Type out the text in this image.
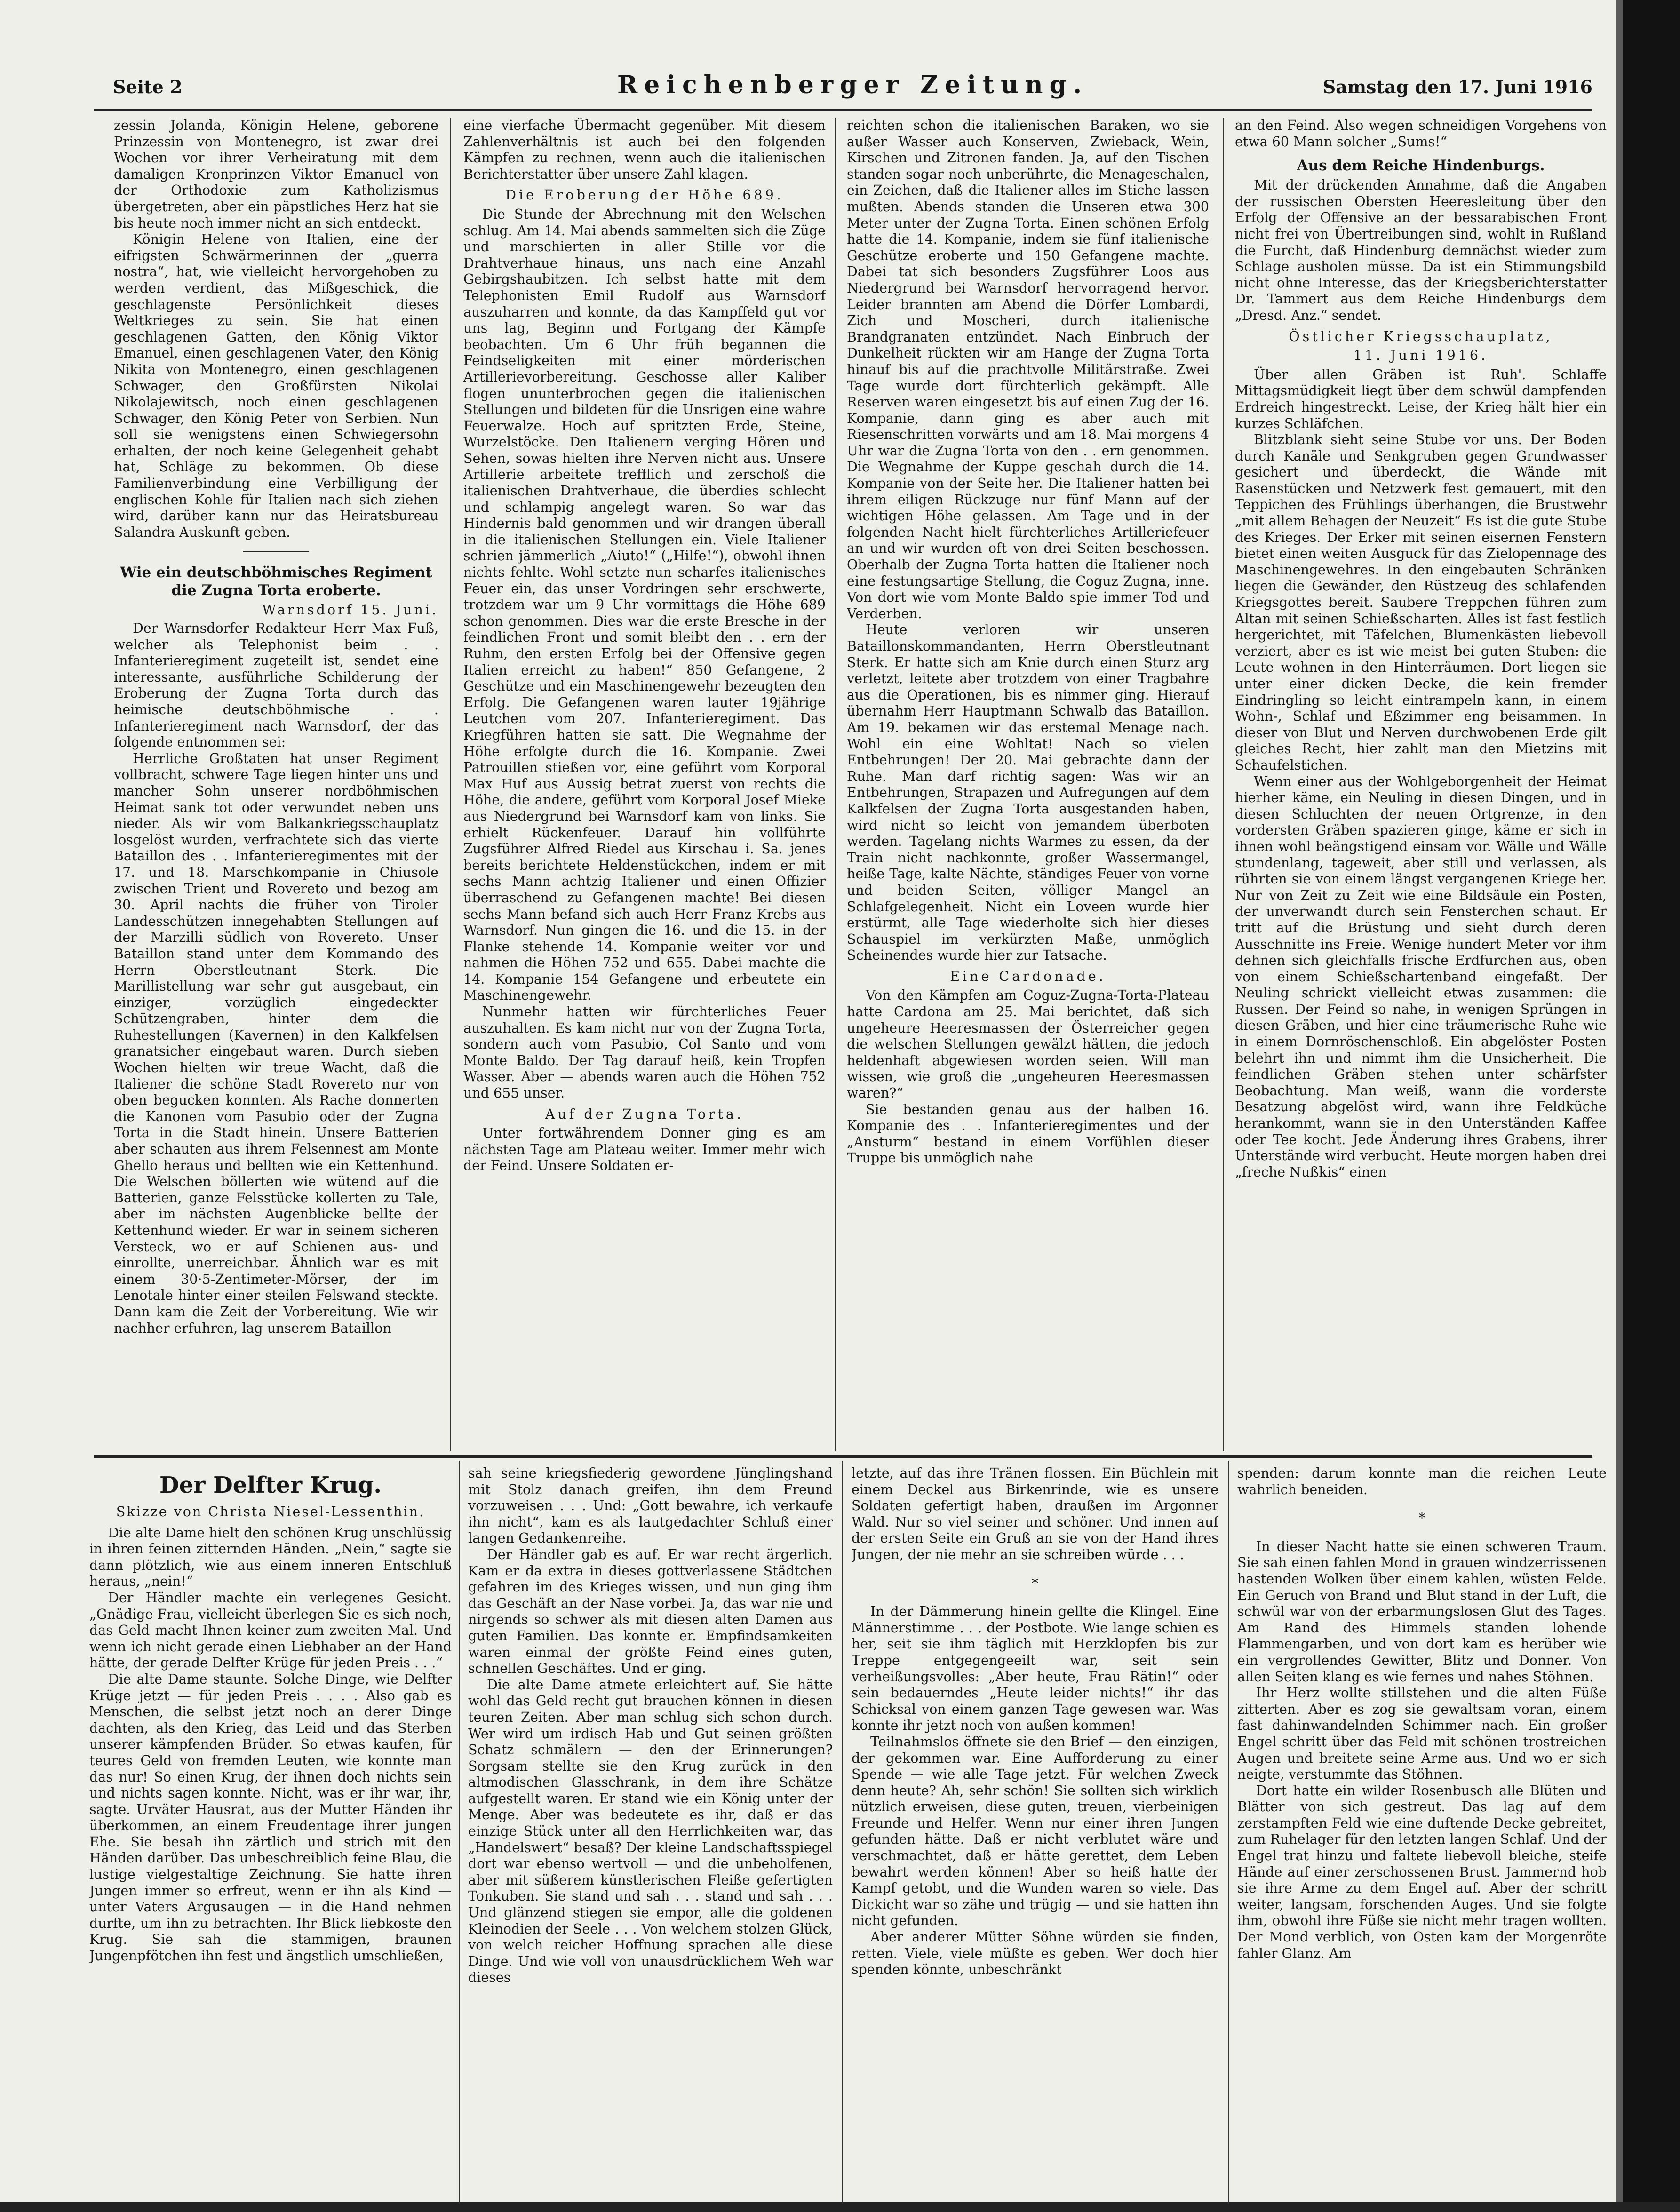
Seite 2	Reichenberger Zeitung.	Samstag den 17. Juni 1916

zessin Jolanda, Königin Helene, geborene Prinzessin von Montenegro, ist zwar drei Wochen vor ihrer Verheiratung mit dem damaligen Kronprinzen Viktor Emanuel von der Orthodoxie zum Katholizismus übergetreten, aber ein päpstliches Herz hat sie bis heute noch immer nicht an sich entdeckt.

Königin Helene von Italien, eine der eifrigsten Schwärmerinnen der „guerra nostra“, hat, wie vielleicht hervorgehoben zu werden verdient, das Mißgeschick, die geschlagenste Persönlichkeit dieses Weltkrieges zu sein. Sie hat einen geschlagenen Gatten, den König Viktor Emanuel, einen geschlagenen Vater, den König Nikita von Montenegro, einen geschlagenen Schwager, den Großfürsten Nikolai Nikolajewitsch, noch einen geschlagenen Schwager, den König Peter von Serbien. Nun soll sie wenigstens einen Schwiegersohn erhalten, der noch keine Gelegenheit gehabt hat, Schläge zu bekommen. Ob diese Familienverbindung eine Verbilligung der englischen Kohle für Italien nach sich ziehen wird, darüber kann nur das Heiratsbureau Salandra Auskunft geben.

Wie ein deutschböhmisches Regiment die Zugna Torta eroberte.

Warnsdorf 15. Juni.

Der Warnsdorfer Redakteur Herr Max Fuß, welcher als Telephonist beim . . Infanterieregiment zugeteilt ist, sendet eine interessante, ausführliche Schilderung der Eroberung der Zugna Torta durch das heimische deutschböhmische . . Infanterieregiment nach Warnsdorf, der das folgende entnommen sei:

Herrliche Großtaten hat unser Regiment vollbracht, schwere Tage liegen hinter uns und mancher Sohn unserer nordböhmischen Heimat sank tot oder verwundet neben uns nieder. Als wir vom Balkankriegsschauplatz losgelöst wurden, verfrachtete sich das vierte Bataillon des . . Infanterieregimentes mit der 17. und 18. Marschkompanie in Chiusole zwischen Trient und Rovereto und bezog am 30. April nachts die früher von Tiroler Landesschützen innegehabten Stellungen auf der Marzilli südlich von Rovereto. Unser Bataillon stand unter dem Kommando des Herrn Oberstleutnant Sterk. Die Marillistellung war sehr gut ausgebaut, ein einziger, vorzüglich eingedeckter Schützengraben, hinter dem die Ruhestellungen (Kavernen) in den Kalkfelsen granatsicher eingebaut waren. Durch sieben Wochen hielten wir treue Wacht, daß die Italiener die schöne Stadt Rovereto nur von oben begucken konnten. Als Rache donnerten die Kanonen vom Pasubio oder der Zugna Torta in die Stadt hinein. Unsere Batterien aber schauten aus ihrem Felsennest am Monte Ghello heraus und bellten wie ein Kettenhund. Die Welschen böllerten wie wütend auf die Batterien, ganze Felsstücke kollerten zu Tale, aber im nächsten Augenblicke bellte der Kettenhund wieder. Er war in seinem sicheren Versteck, wo er auf Schienen aus- und einrollte, unerreichbar. Ähnlich war es mit einem 30·5-Zentimeter-Mörser, der im Lenotale hinter einer steilen Felswand steckte. Dann kam die Zeit der Vorbereitung. Wie wir nachher erfuhren, lag unserem Bataillon

eine vierfache Übermacht gegenüber. Mit diesem Zahlenverhältnis ist auch bei den folgenden Kämpfen zu rechnen, wenn auch die italienischen Berichterstatter über unsere Zahl klagen.

Die Eroberung der Höhe 689.

Die Stunde der Abrechnung mit den Welschen schlug. Am 14. Mai abends sammelten sich die Züge und marschierten in aller Stille vor die Drahtverhaue hinaus, uns nach eine Anzahl Gebirgshaubitzen. Ich selbst hatte mit dem Telephonisten Emil Rudolf aus Warnsdorf auszuharren und konnte, da das Kampffeld gut vor uns lag, Beginn und Fortgang der Kämpfe beobachten. Um 6 Uhr früh begannen die Feindseligkeiten mit einer mörderischen Artillerievorbereitung. Geschosse aller Kaliber flogen ununterbrochen gegen die italienischen Stellungen und bildeten für die Unsrigen eine wahre Feuerwalze. Hoch auf spritzten Erde, Steine, Wurzelstöcke. Den Italienern verging Hören und Sehen, sowas hielten ihre Nerven nicht aus. Unsere Artillerie arbeitete trefflich und zerschoß die italienischen Drahtverhaue, die überdies schlecht und schlampig angelegt waren. So war das Hindernis bald genommen und wir drangen überall in die italienischen Stellungen ein. Viele Italiener schrien jämmerlich „Aiuto!“ („Hilfe!“), obwohl ihnen nichts fehlte. Wohl setzte nun scharfes italienisches Feuer ein, das unser Vordringen sehr erschwerte, trotzdem war um 9 Uhr vormittags die Höhe 689 schon genommen. Dies war die erste Bresche in der feindlichen Front und somit bleibt den . . ern der Ruhm, den ersten Erfolg bei der Offensive gegen Italien erreicht zu haben!“ 850 Gefangene, 2 Geschütze und ein Maschinengewehr bezeugten den Erfolg. Die Gefangenen waren lauter 19jährige Leutchen vom 207. Infanterieregiment. Das Kriegführen hatten sie satt. Die Wegnahme der Höhe erfolgte durch die 16. Kompanie. Zwei Patrouillen stießen vor, eine geführt vom Korporal Max Huf aus Aussig betrat zuerst von rechts die Höhe, die andere, geführt vom Korporal Josef Mieke aus Niedergrund bei Warnsdorf kam von links. Sie erhielt Rückenfeuer. Darauf hin vollführte Zugsführer Alfred Riedel aus Kirschau i. Sa. jenes bereits berichtete Heldenstückchen, indem er mit sechs Mann achtzig Italiener und einen Offizier überraschend zu Gefangenen machte! Bei diesen sechs Mann befand sich auch Herr Franz Krebs aus Warnsdorf. Nun gingen die 16. und die 15. in der Flanke stehende 14. Kompanie weiter vor und nahmen die Höhen 752 und 655. Dabei machte die 14. Kompanie 154 Gefangene und erbeutete ein Maschinengewehr.

Nunmehr hatten wir fürchterliches Feuer auszuhalten. Es kam nicht nur von der Zugna Torta, sondern auch vom Pasubio, Col Santo und vom Monte Baldo. Der Tag darauf heiß, kein Tropfen Wasser. Aber — abends waren auch die Höhen 752 und 655 unser.

Auf der Zugna Torta.

Unter fortwährendem Donner ging es am nächsten Tage am Plateau weiter. Immer mehr wich der Feind. Unsere Soldaten er-

reichten schon die italienischen Baraken, wo sie außer Wasser auch Konserven, Zwieback, Wein, Kirschen und Zitronen fanden. Ja, auf den Tischen standen sogar noch unberührte, die Menageschalen, ein Zeichen, daß die Italiener alles im Stiche lassen mußten. Abends standen die Unseren etwa 300 Meter unter der Zugna Torta. Einen schönen Erfolg hatte die 14. Kompanie, indem sie fünf italienische Geschütze eroberte und 150 Gefangene machte. Dabei tat sich besonders Zugsführer Loos aus Niedergrund bei Warnsdorf hervorragend hervor. Leider brannten am Abend die Dörfer Lombardi, Zich und Moscheri, durch italienische Brandgranaten entzündet. Nach Einbruch der Dunkelheit rückten wir am Hange der Zugna Torta hinauf bis auf die prachtvolle Militärstraße. Zwei Tage wurde dort fürchterlich gekämpft. Alle Reserven waren eingesetzt bis auf einen Zug der 16. Kompanie, dann ging es aber auch mit Riesenschritten vorwärts und am 18. Mai morgens 4 Uhr war die Zugna Torta von den . . ern genommen. Die Wegnahme der Kuppe geschah durch die 14. Kompanie von der Seite her. Die Italiener hatten bei ihrem eiligen Rückzuge nur fünf Mann auf der wichtigen Höhe gelassen. Am Tage und in der folgenden Nacht hielt fürchterliches Artilleriefeuer an und wir wurden oft von drei Seiten beschossen. Oberhalb der Zugna Torta hatten die Italiener noch eine festungsartige Stellung, die Coguz Zugna, inne. Von dort wie vom Monte Baldo spie immer Tod und Verderben.

Heute verloren wir unseren Bataillonskommandanten, Herrn Oberstleutnant Sterk. Er hatte sich am Knie durch einen Sturz arg verletzt, leitete aber trotzdem von einer Tragbahre aus die Operationen, bis es nimmer ging. Hierauf übernahm Herr Hauptmann Schwalb das Bataillon. Am 19. bekamen wir das erstemal Menage nach. Wohl ein eine Wohltat! Nach so vielen Entbehrungen! Der 20. Mai gebrachte dann der Ruhe. Man darf richtig sagen: Was wir an Entbehrungen, Strapazen und Aufregungen auf dem Kalkfelsen der Zugna Torta ausgestanden haben, wird nicht so leicht von jemandem überboten werden. Tagelang nichts Warmes zu essen, da der Train nicht nachkonnte, großer Wassermangel, heiße Tage, kalte Nächte, ständiges Feuer von vorne und beiden Seiten, völliger Mangel an Schlafgelegenheit. Nicht ein Loveen wurde hier erstürmt, alle Tage wiederholte sich hier dieses Schauspiel im verkürzten Maße, unmöglich Scheinendes wurde hier zur Tatsache.

Eine Cardonade.

Von den Kämpfen am Coguz-Zugna-Torta-Plateau hatte Cardona am 25. Mai berichtet, daß sich ungeheure Heeresmassen der Österreicher gegen die welschen Stellungen gewälzt hätten, die jedoch heldenhaft abgewiesen worden seien. Will man wissen, wie groß die „ungeheuren Heeresmassen waren?“

Sie bestanden genau aus der halben 16. Kompanie des . . Infanterieregimentes und der „Ansturm“ bestand in einem Vorfühlen dieser Truppe bis unmöglich nahe

an den Feind. Also wegen schneidigen Vorgehens von etwa 60 Mann solcher „Sums!“

Aus dem Reiche Hindenburgs.

Mit der drückenden Annahme, daß die Angaben der russischen Obersten Heeresleitung über den Erfolg der Offensive an der bessarabischen Front nicht frei von Übertreibungen sind, wohlt in Rußland die Furcht, daß Hindenburg demnächst wieder zum Schlage ausholen müsse. Da ist ein Stimmungsbild nicht ohne Interesse, das der Kriegsberichterstatter Dr. Tammert aus dem Reiche Hindenburgs dem „Dresd. Anz.“ sendet.

Östlicher Kriegsschauplatz,

11. Juni 1916.

Über allen Gräben ist Ruh'. Schlaffe Mittagsmüdigkeit liegt über dem schwül dampfenden Erdreich hingestreckt. Leise, der Krieg hält hier ein kurzes Schläfchen.

Blitzblank sieht seine Stube vor uns. Der Boden durch Kanäle und Senkgruben gegen Grundwasser gesichert und überdeckt, die Wände mit Rasenstücken und Netzwerk fest gemauert, mit den Teppichen des Frühlings überhangen, die Brustwehr „mit allem Behagen der Neuzeit“ Es ist die gute Stube des Krieges. Der Erker mit seinen eisernen Fenstern bietet einen weiten Ausguck für das Zielopennage des Maschinengewehres. In den eingebauten Schränken liegen die Gewänder, den Rüstzeug des schlafenden Kriegsgottes bereit. Saubere Treppchen führen zum Altan mit seinen Schießscharten. Alles ist fast festlich hergerichtet, mit Täfelchen, Blumenkästen liebevoll verziert, aber es ist wie meist bei guten Stuben: die Leute wohnen in den Hinterräumen. Dort liegen sie unter einer dicken Decke, die kein fremder Eindringling so leicht eintrampeln kann, in einem Wohn-, Schlaf und Eßzimmer eng beisammen. In dieser von Blut und Nerven durchwobenen Erde gilt gleiches Recht, hier zahlt man den Mietzins mit Schaufelstichen.

Wenn einer aus der Wohlgeborgenheit der Heimat hierher käme, ein Neuling in diesen Dingen, und in diesen Schluchten der neuen Ortgrenze, in den vordersten Gräben spazieren ginge, käme er sich in ihnen wohl beängstigend einsam vor. Wälle und Wälle stundenlang, tageweit, aber still und verlassen, als rührten sie von einem längst vergangenen Kriege her. Nur von Zeit zu Zeit wie eine Bildsäule ein Posten, der unverwandt durch sein Fensterchen schaut. Er tritt auf die Brüstung und sieht durch deren Ausschnitte ins Freie. Wenige hundert Meter vor ihm dehnen sich gleichfalls frische Erdfurchen aus, oben von einem Schießschartenband eingefaßt. Der Neuling schrickt vielleicht etwas zusammen: die Russen. Der Feind so nahe, in wenigen Sprüngen in diesen Gräben, und hier eine träumerische Ruhe wie in einem Dornröschenschloß. Ein abgelöster Posten belehrt ihn und nimmt ihm die Unsicherheit. Die feindlichen Gräben stehen unter schärfster Beobachtung. Man weiß, wann die vorderste Besatzung abgelöst wird, wann ihre Feldküche herankommt, wann sie in den Unterständen Kaffee oder Tee kocht. Jede Änderung ihres Grabens, ihrer Unterstände wird verbucht. Heute morgen haben drei „freche Nußkis“ einen

Der Delfter Krug.

Skizze von Christa Niesel-Lessenthin.

Die alte Dame hielt den schönen Krug unschlüssig in ihren feinen zitternden Händen. „Nein,“ sagte sie dann plötzlich, wie aus einem inneren Entschluß heraus, „nein!“

Der Händler machte ein verlegenes Gesicht. „Gnädige Frau, vielleicht überlegen Sie es sich noch, das Geld macht Ihnen keiner zum zweiten Mal. Und wenn ich nicht gerade einen Liebhaber an der Hand hätte, der gerade Delfter Krüge für jeden Preis . . .“

Die alte Dame staunte. Solche Dinge, wie Delfter Krüge jetzt — für jeden Preis . . . . Also gab es Menschen, die selbst jetzt noch an derer Dinge dachten, als den Krieg, das Leid und das Sterben unserer kämpfenden Brüder. So etwas kaufen, für teures Geld von fremden Leuten, wie konnte man das nur! So einen Krug, der ihnen doch nichts sein und nichts sagen konnte. Nicht, was er ihr war, ihr, sagte. Urväter Hausrat, aus der Mutter Händen ihr überkommen, an einem Freudentage ihrer jungen Ehe. Sie besah ihn zärtlich und strich mit den Händen darüber. Das unbeschreiblich feine Blau, die lustige vielgestaltige Zeichnung. Sie hatte ihren Jungen immer so erfreut, wenn er ihn als Kind — unter Vaters Argusaugen — in die Hand nehmen durfte, um ihn zu betrachten. Ihr Blick liebkoste den Krug. Sie sah die stammigen, braunen Jungenpfötchen ihn fest und ängstlich umschließen,

sah seine kriegsfiederig gewordene Jünglingshand mit Stolz danach greifen, ihn dem Freund vorzuweisen . . . Und: „Gott bewahre, ich verkaufe ihn nicht“, kam es als lautgedachter Schluß einer langen Gedankenreihe.

Der Händler gab es auf. Er war recht ärgerlich. Kam er da extra in dieses gottverlassene Städtchen gefahren im des Krieges wissen, und nun ging ihm das Geschäft an der Nase vorbei. Ja, das war nie und nirgends so schwer als mit diesen alten Damen aus guten Familien. Das konnte er. Empfindsamkeiten waren einmal der größte Feind eines guten, schnellen Geschäftes. Und er ging.

Die alte Dame atmete erleichtert auf. Sie hätte wohl das Geld recht gut brauchen können in diesen teuren Zeiten. Aber man schlug sich schon durch. Wer wird um irdisch Hab und Gut seinen größten Schatz schmälern — den der Erinnerungen? Sorgsam stellte sie den Krug zurück in den altmodischen Glasschrank, in dem ihre Schätze aufgestellt waren. Er stand wie ein König unter der Menge. Aber was bedeutete es ihr, daß er das einzige Stück unter all den Herrlichkeiten war, das „Handelswert“ besaß? Der kleine Landschaftsspiegel dort war ebenso wertvoll — und die unbeholfenen, aber mit süßerem künstlerischen Fleiße gefertigten Tonkuben. Sie stand und sah . . . stand und sah . . . Und glänzend stiegen sie empor, alle die goldenen Kleinodien der Seele . . . Von welchem stolzen Glück, von welch reicher Hoffnung sprachen alle diese Dinge. Und wie voll von unausdrücklichem Weh war dieses

letzte, auf das ihre Tränen flossen. Ein Büchlein mit einem Deckel aus Birkenrinde, wie es unsere Soldaten gefertigt haben, draußen im Argonner Wald. Nur so viel seiner und schöner. Und innen auf der ersten Seite ein Gruß an sie von der Hand ihres Jungen, der nie mehr an sie schreiben würde . . .

*

In der Dämmerung hinein gellte die Klingel. Eine Männerstimme . . . der Postbote. Wie lange schien es her, seit sie ihm täglich mit Herzklopfen bis zur Treppe entgegengeeilt war, seit sein verheißungsvolles: „Aber heute, Frau Rätin!“ oder sein bedauerndes „Heute leider nichts!“ ihr das Schicksal von einem ganzen Tage gewesen war. Was konnte ihr jetzt noch von außen kommen!

Teilnahmslos öffnete sie den Brief — den einzigen, der gekommen war. Eine Aufforderung zu einer Spende — wie alle Tage jetzt. Für welchen Zweck denn heute? Ah, sehr schön! Sie sollten sich wirklich nützlich erweisen, diese guten, treuen, vierbeinigen Freunde und Helfer. Wenn nur einer ihren Jungen gefunden hätte. Daß er nicht verblutet wäre und verschmachtet, daß er hätte gerettet, dem Leben bewahrt werden können! Aber so heiß hatte der Kampf getobt, und die Wunden waren so viele. Das Dickicht war so zähe und trügig — und sie hatten ihn nicht gefunden.

Aber anderer Mütter Söhne würden sie finden, retten. Viele, viele müßte es geben. Wer doch hier spenden könnte, unbeschränkt

spenden: darum konnte man die reichen Leute wahrlich beneiden.

*

In dieser Nacht hatte sie einen schweren Traum. Sie sah einen fahlen Mond in grauen windzerrissenen hastenden Wolken über einem kahlen, wüsten Felde. Ein Geruch von Brand und Blut stand in der Luft, die schwül war von der erbarmungslosen Glut des Tages. Am Rand des Himmels standen lohende Flammengarben, und von dort kam es herüber wie ein vergrollendes Gewitter, Blitz und Donner. Von allen Seiten klang es wie fernes und nahes Stöhnen.

Ihr Herz wollte stillstehen und die alten Füße zitterten. Aber es zog sie gewaltsam voran, einem fast dahinwandelnden Schimmer nach. Ein großer Engel schritt über das Feld mit schönen trostreichen Augen und breitete seine Arme aus. Und wo er sich neigte, verstummte das Stöhnen.

Dort hatte ein wilder Rosenbusch alle Blüten und Blätter von sich gestreut. Das lag auf dem zerstampften Feld wie eine duftende Decke gebreitet, zum Ruhelager für den letzten langen Schlaf. Und der Engel trat hinzu und faltete liebevoll bleiche, steife Hände auf einer zerschossenen Brust. Jammernd hob sie ihre Arme zu dem Engel auf. Aber der schritt weiter, langsam, forschenden Auges. Und sie folgte ihm, obwohl ihre Füße sie nicht mehr tragen wollten. Der Mond verblich, von Osten kam der Morgenröte fahler Glanz. Am
